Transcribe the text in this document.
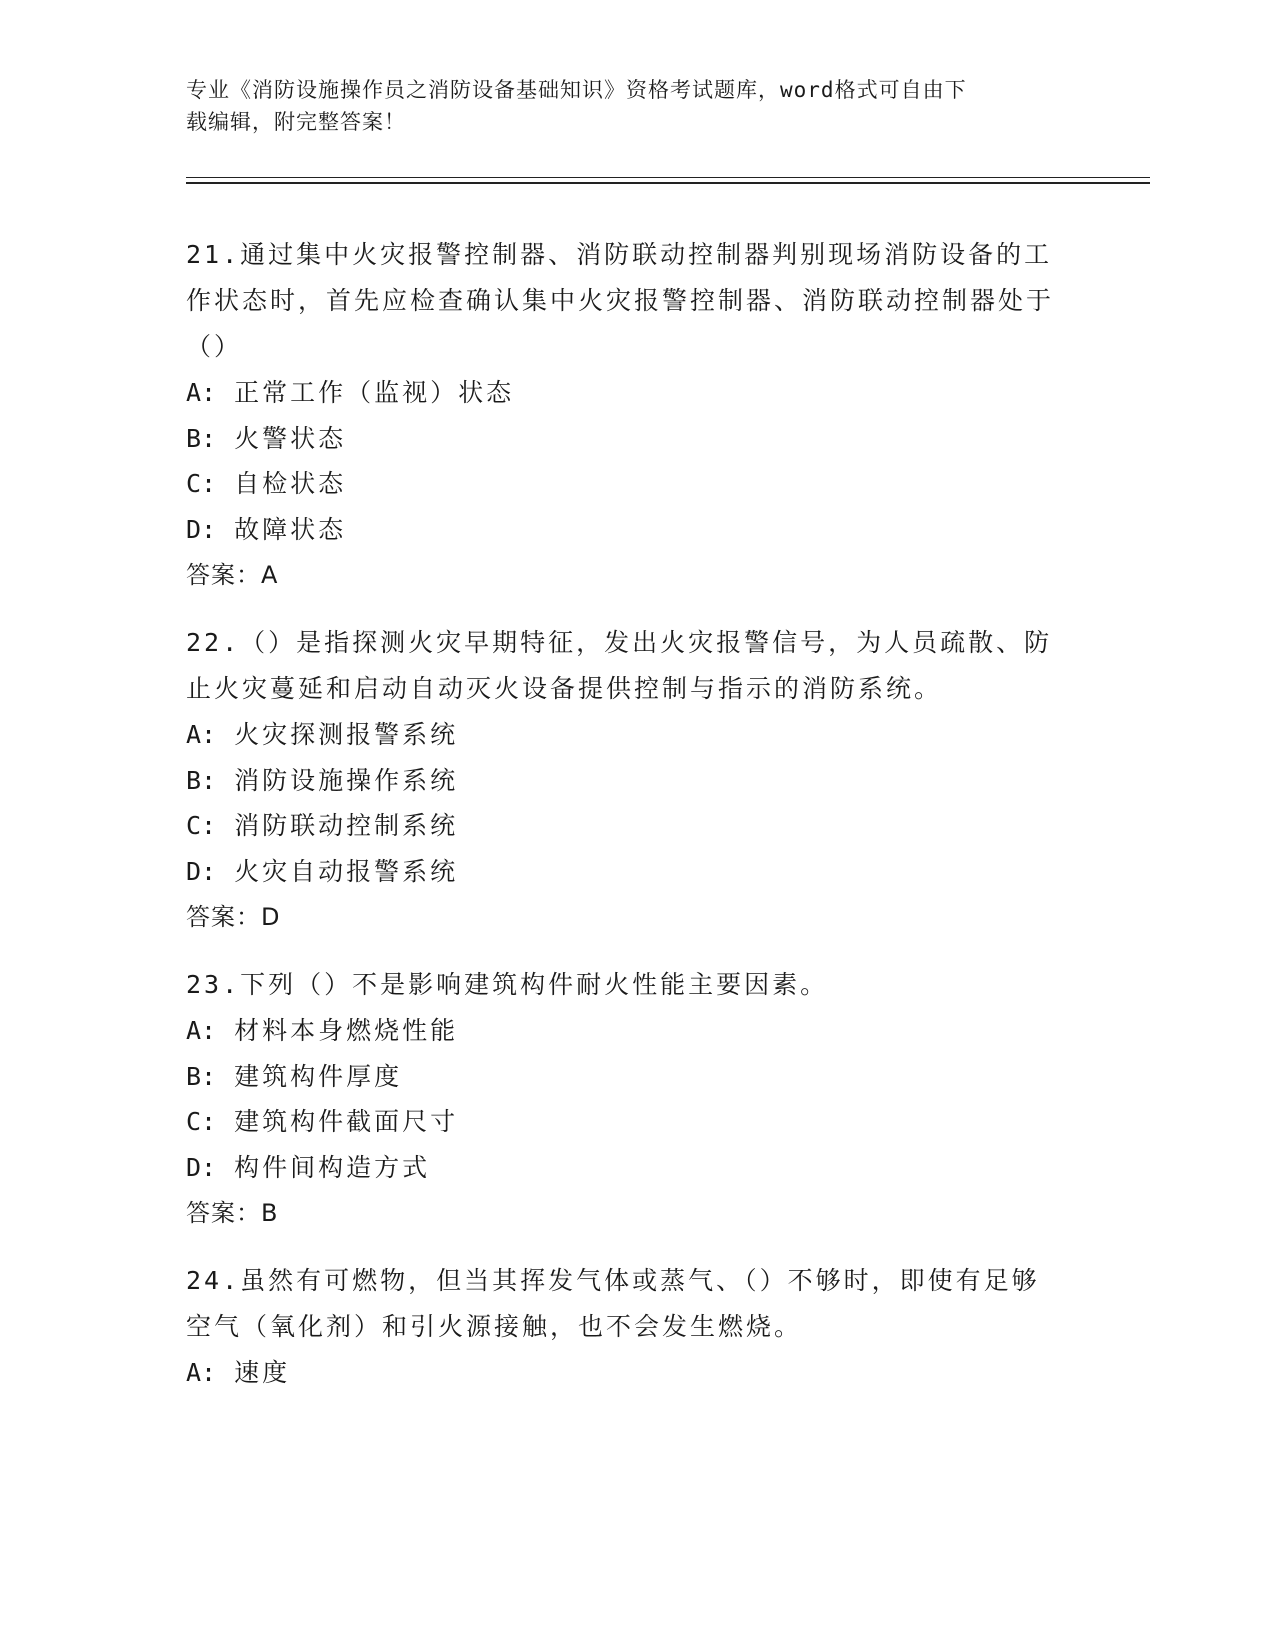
专业《消防设施操作员之消防设备基础知识》资格考试题库，word格式可自由下
载编辑，附完整答案！
21.通过集中火灾报警控制器、消防联动控制器判别现场消防设备的工作状态时，首先应检查确认集中火灾报警控制器、消防联动控制器处于（）
A: 正常工作（监视）状态
B: 火警状态
C: 自检状态
D: 故障状态
答案：A
22.（）是指探测火灾早期特征，发出火灾报警信号，为人员疏散、防止火灾蔓延和启动自动灭火设备提供控制与指示的消防系统。
A: 火灾探测报警系统
B: 消防设施操作系统
C: 消防联动控制系统
D: 火灾自动报警系统
答案：D
23.下列（）不是影响建筑构件耐火性能主要因素。
A: 材料本身燃烧性能
B: 建筑构件厚度
C: 建筑构件截面尺寸
D: 构件间构造方式
答案：B
24.虽然有可燃物，但当其挥发气体或蒸气、（）不够时，即使有足够空气（氧化剂）和引火源接触，也不会发生燃烧。
A: 速度
